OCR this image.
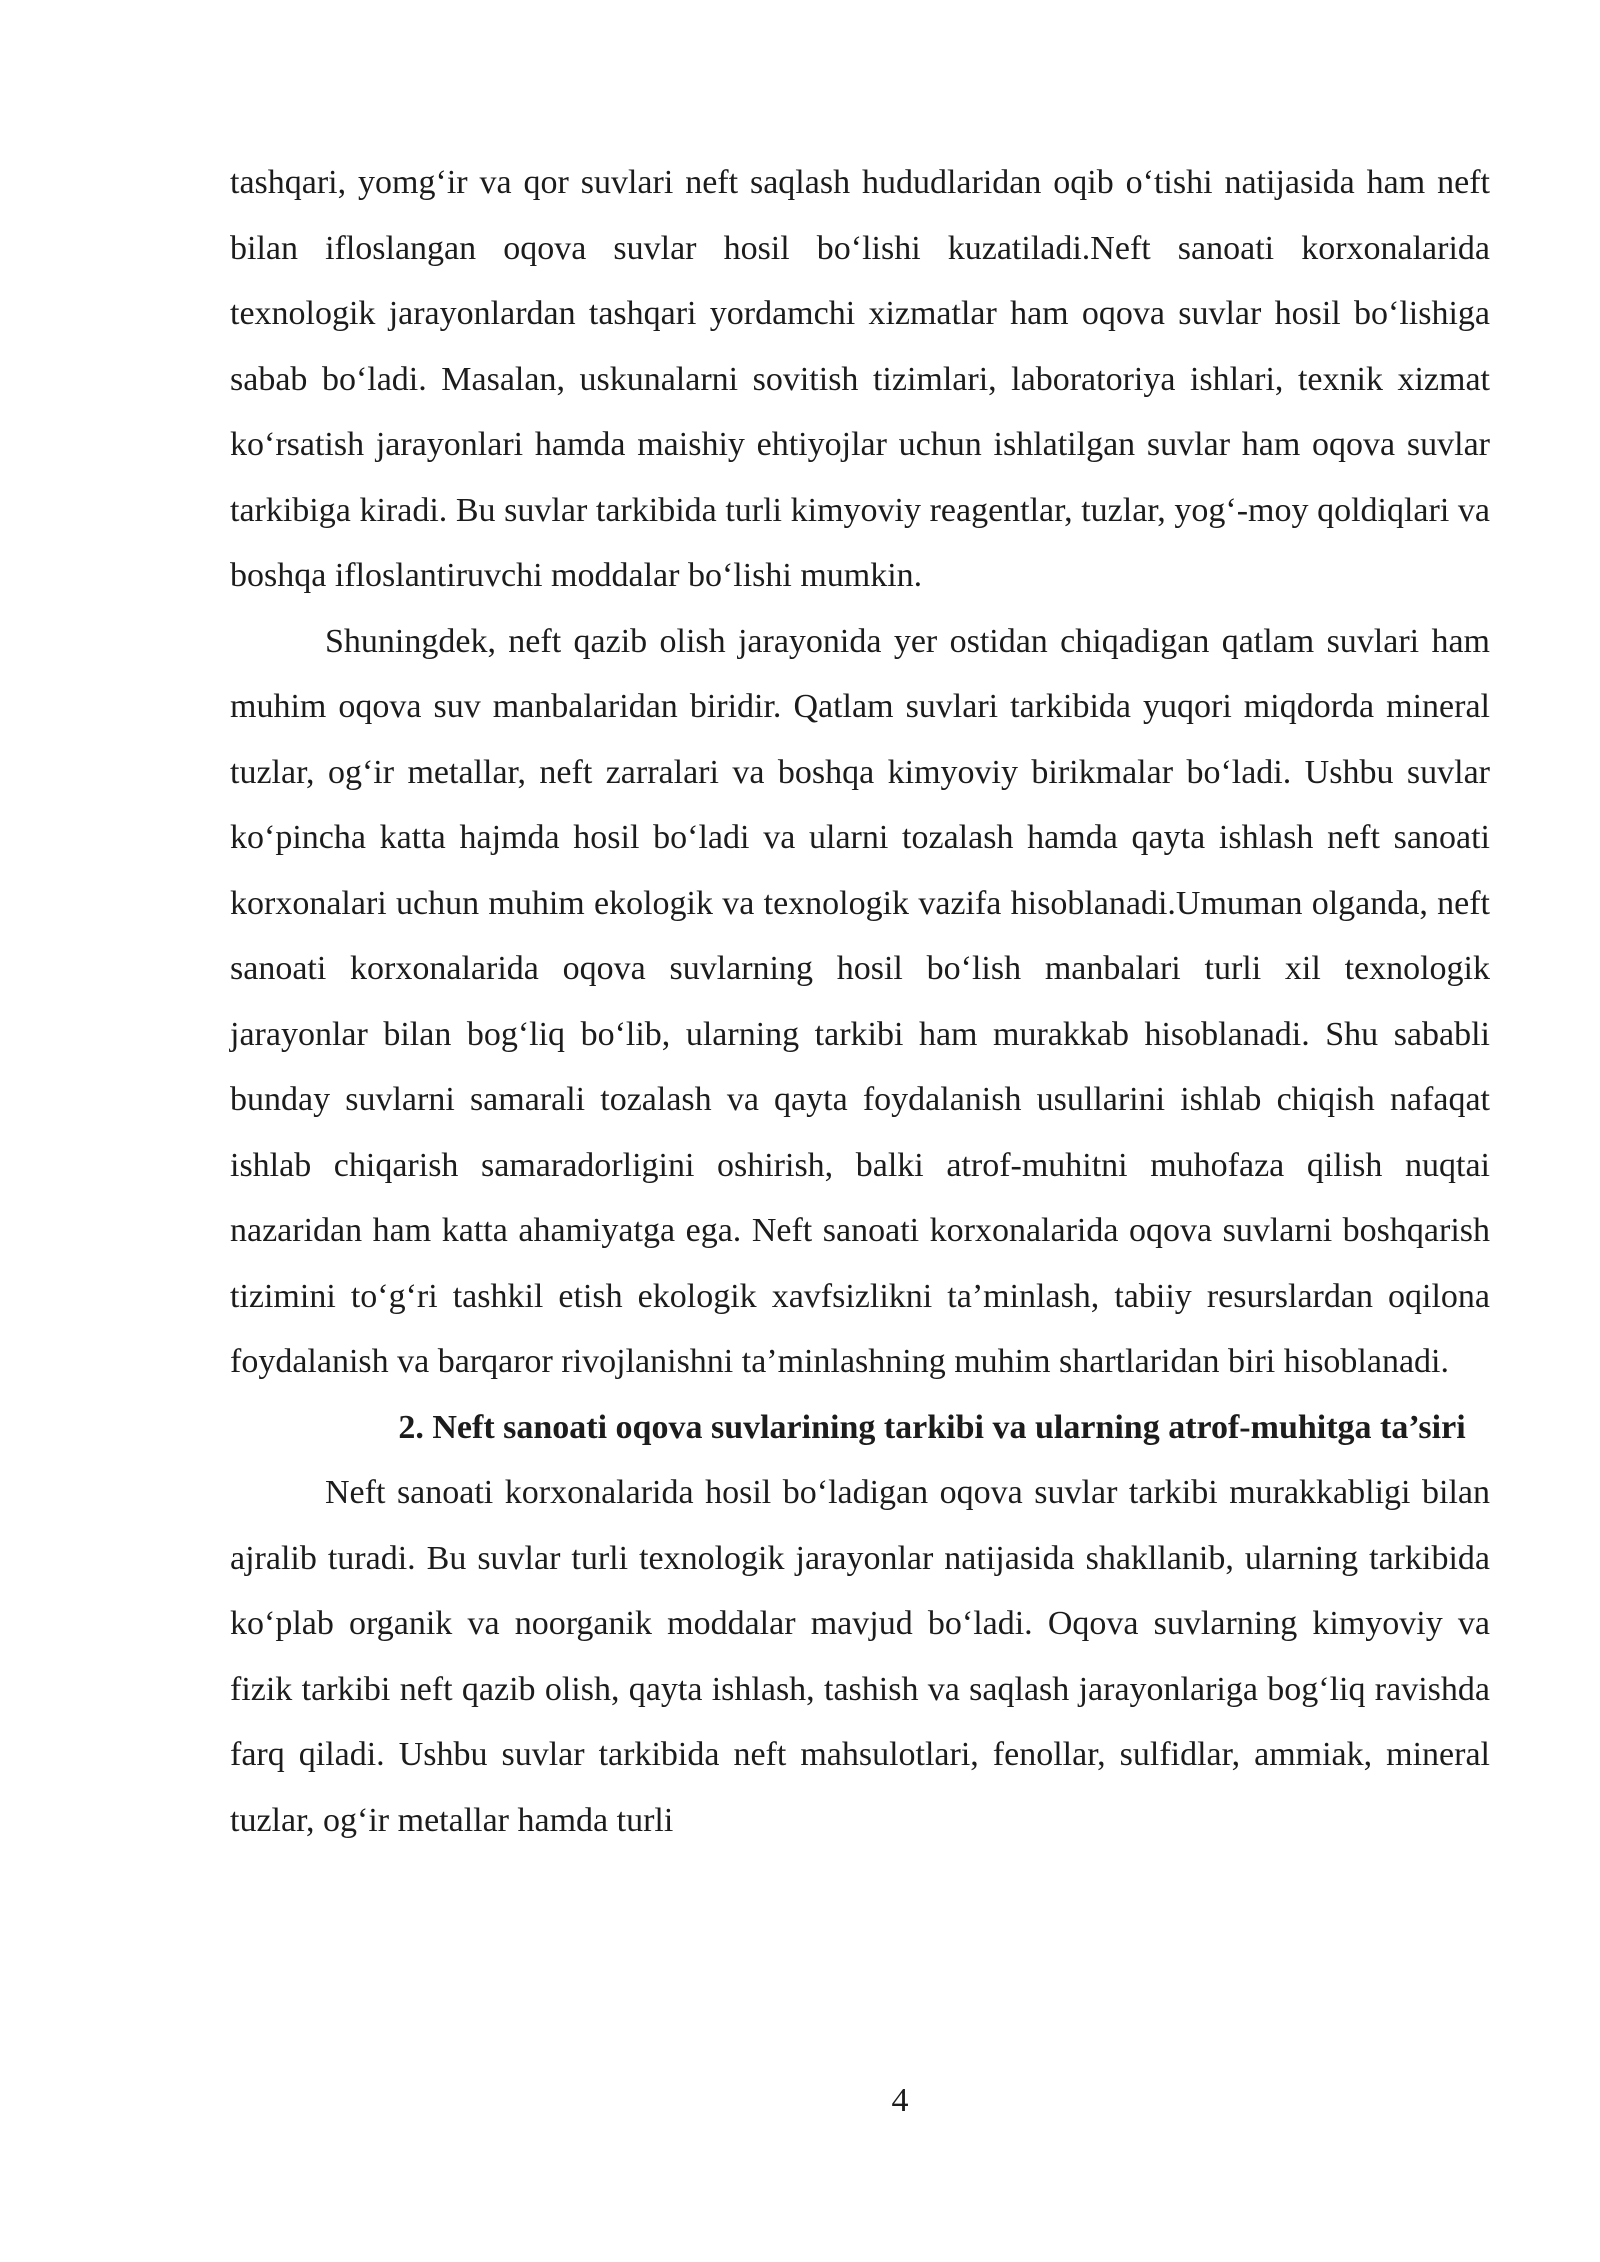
tashqari, yomg‘ir va qor suvlari neft saqlash hududlaridan oqib o‘tishi natijasida ham neft bilan ifloslangan oqova suvlar hosil bo‘lishi kuzatiladi.Neft sanoati korxonalarida texnologik jarayonlardan tashqari yordamchi xizmatlar ham oqova suvlar hosil bo‘lishiga sabab bo‘ladi. Masalan, uskunalarni sovitish tizimlari, laboratoriya ishlari, texnik xizmat ko‘rsatish jarayonlari hamda maishiy ehtiyojlar uchun ishlatilgan suvlar ham oqova suvlar tarkibiga kiradi. Bu suvlar tarkibida turli kimyoviy reagentlar, tuzlar, yog‘-moy qoldiqlari va boshqa ifloslantiruvchi moddalar bo‘lishi mumkin.

Shuningdek, neft qazib olish jarayonida yer ostidan chiqadigan qatlam suvlari ham muhim oqova suv manbalaridan biridir. Qatlam suvlari tarkibida yuqori miqdorda mineral tuzlar, og‘ir metallar, neft zarralari va boshqa kimyoviy birikmalar bo‘ladi. Ushbu suvlar ko‘pincha katta hajmda hosil bo‘ladi va ularni tozalash hamda qayta ishlash neft sanoati korxonalari uchun muhim ekologik va texnologik vazifa hisoblanadi.Umuman olganda, neft sanoati korxonalarida oqova suvlarning hosil bo‘lish manbalari turli xil texnologik jarayonlar bilan bog‘liq bo‘lib, ularning tarkibi ham murakkab hisoblanadi. Shu sababli bunday suvlarni samarali tozalash va qayta foydalanish usullarini ishlab chiqish nafaqat ishlab chiqarish samaradorligini oshirish, balki atrof-muhitni muhofaza qilish nuqtai nazaridan ham katta ahamiyatga ega. Neft sanoati korxonalarida oqova suvlarni boshqarish tizimini to‘g‘ri tashkil etish ekologik xavfsizlikni ta’minlash, tabiiy resurslardan oqilona foydalanish va barqaror rivojlanishni ta’minlashning muhim shartlaridan biri hisoblanadi.

2. Neft sanoati oqova suvlarining tarkibi va ularning atrof-muhitga ta’siri

Neft sanoati korxonalarida hosil bo‘ladigan oqova suvlar tarkibi murakkabligi bilan ajralib turadi. Bu suvlar turli texnologik jarayonlar natijasida shakllanib, ularning tarkibida ko‘plab organik va noorganik moddalar mavjud bo‘ladi. Oqova suvlarning kimyoviy va fizik tarkibi neft qazib olish, qayta ishlash, tashish va saqlash jarayonlariga bog‘liq ravishda farq qiladi. Ushbu suvlar tarkibida neft mahsulotlari, fenollar, sulfidlar, ammiak, mineral tuzlar, og‘ir metallar hamda turli

4
